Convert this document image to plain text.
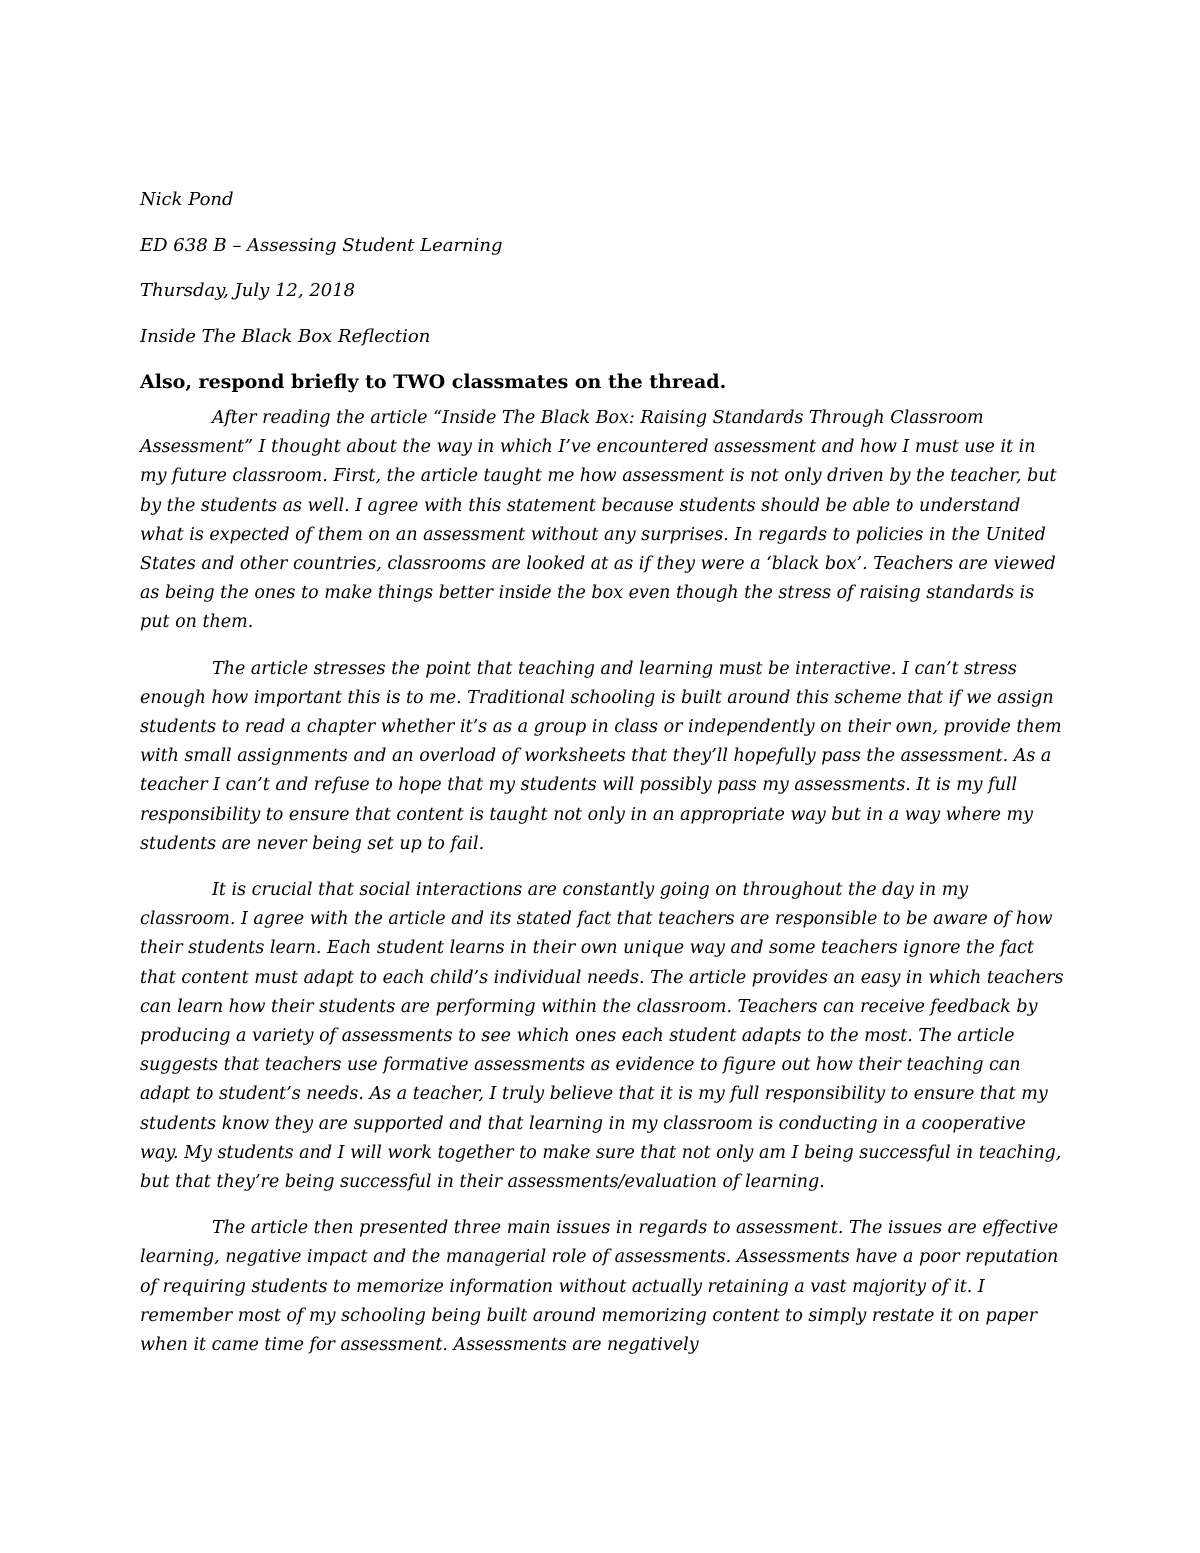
Nick Pond
ED 638 B – Assessing Student Learning
Thursday, July 12, 2018
Inside The Black Box Reflection
Also, respond briefly to TWO classmates on the thread.

After reading the article “Inside The Black Box: Raising Standards Through Classroom Assessment” I thought about the way in which I’ve encountered assessment and how I must use it in my future classroom. First, the article taught me how assessment is not only driven by the teacher, but by the students as well. I agree with this statement because students should be able to understand what is expected of them on an assessment without any surprises. In regards to policies in the United States and other countries, classrooms are looked at as if they were a ‘black box’. Teachers are viewed as being the ones to make things better inside the box even though the stress of raising standards is put on them.

The article stresses the point that teaching and learning must be interactive. I can’t stress enough how important this is to me. Traditional schooling is built around this scheme that if we assign students to read a chapter whether it’s as a group in class or independently on their own, provide them with small assignments and an overload of worksheets that they’ll hopefully pass the assessment. As a teacher I can’t and refuse to hope that my students will possibly pass my assessments. It is my full responsibility to ensure that content is taught not only in an appropriate way but in a way where my students are never being set up to fail.

It is crucial that social interactions are constantly going on throughout the day in my classroom. I agree with the article and its stated fact that teachers are responsible to be aware of how their students learn. Each student learns in their own unique way and some teachers ignore the fact that content must adapt to each child’s individual needs. The article provides an easy in which teachers can learn how their students are performing within the classroom. Teachers can receive feedback by producing a variety of assessments to see which ones each student adapts to the most. The article suggests that teachers use formative assessments as evidence to figure out how their teaching can adapt to student’s needs. As a teacher, I truly believe that it is my full responsibility to ensure that my students know they are supported and that learning in my classroom is conducting in a cooperative way. My students and I will work together to make sure that not only am I being successful in teaching, but that they’re being successful in their assessments/evaluation of learning.

The article then presented three main issues in regards to assessment. The issues are effective learning, negative impact and the managerial role of assessments. Assessments have a poor reputation of requiring students to memorize information without actually retaining a vast majority of it. I remember most of my schooling being built around memorizing content to simply restate it on paper when it came time for assessment. Assessments are negatively
